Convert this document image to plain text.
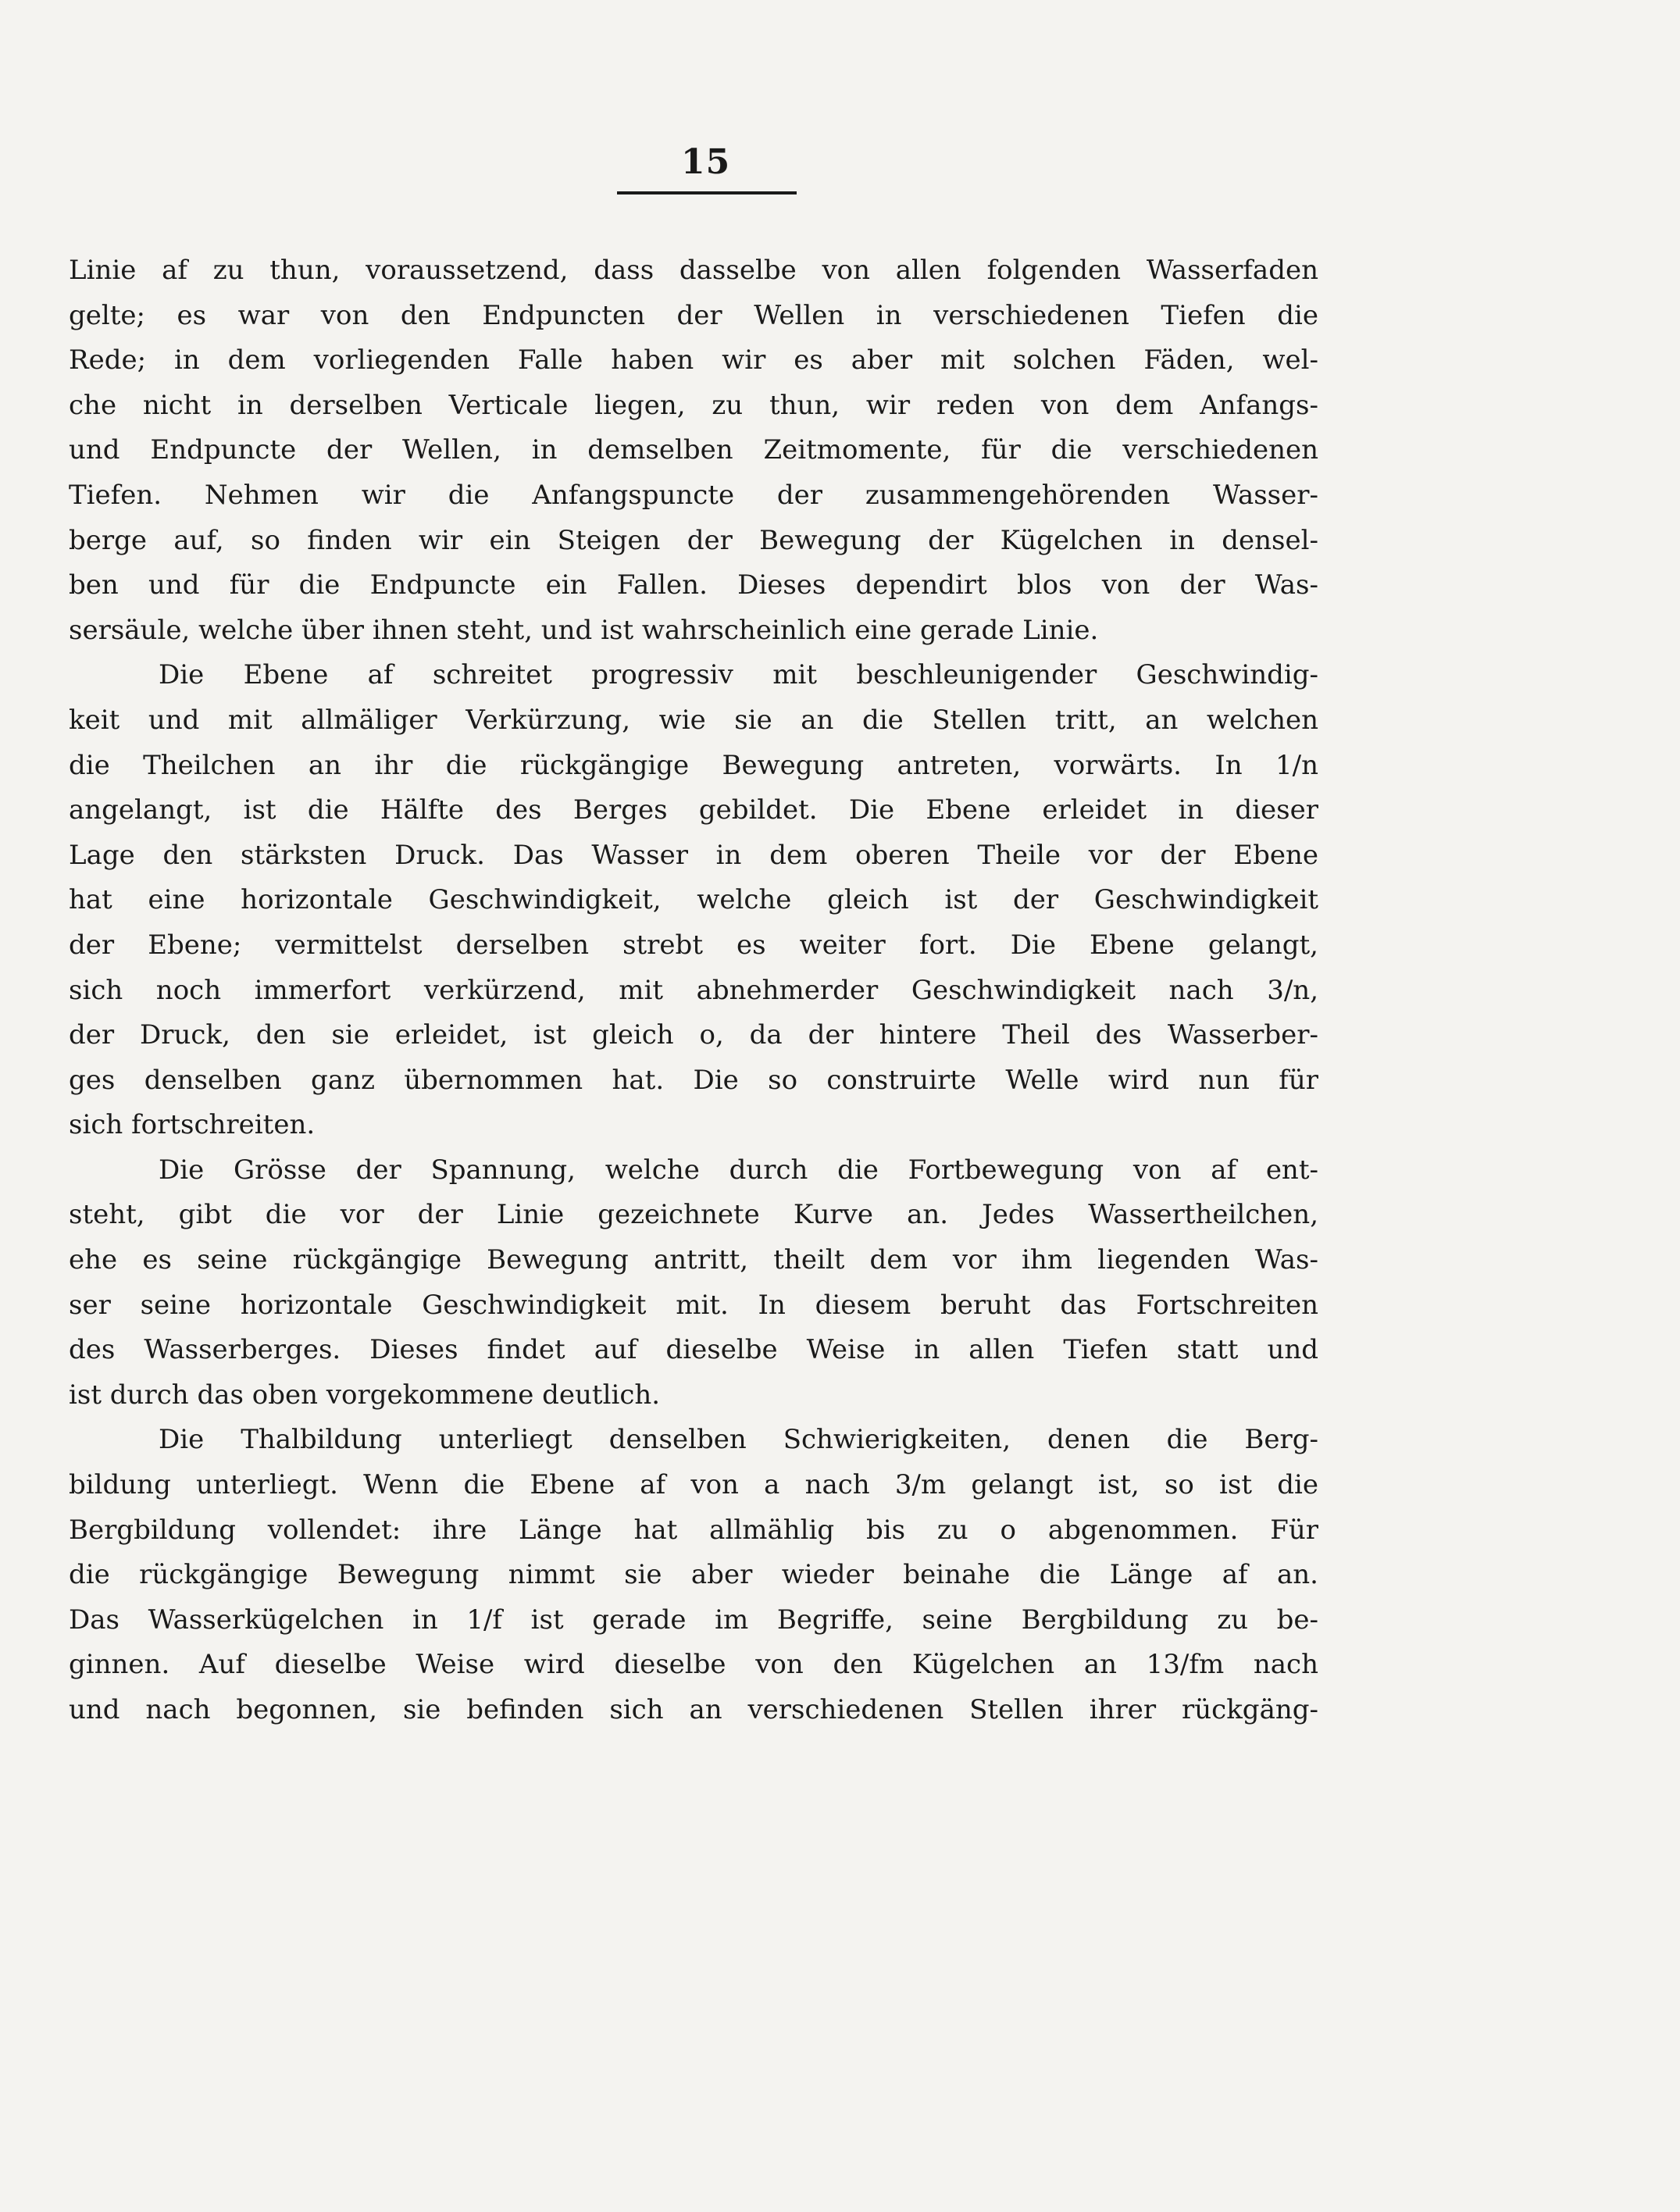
15
Linie af zu thun, voraussetzend, dass dasselbe von allen folgenden Wasserfaden
gelte; es war von den Endpuncten der Wellen in verschiedenen Tiefen die
Rede; in dem vorliegenden Falle haben wir es aber mit solchen Fäden, wel-
che nicht in derselben Verticale liegen, zu thun, wir reden von dem Anfangs-
und Endpuncte der Wellen, in demselben Zeitmomente, für die verschiedenen
Tiefen. Nehmen wir die Anfangspuncte der zusammengehörenden Wasser-
berge auf, so finden wir ein Steigen der Bewegung der Kügelchen in densel-
ben und für die Endpuncte ein Fallen. Dieses dependirt blos von der Was-
sersäule, welche über ihnen steht, und ist wahrscheinlich eine gerade Linie.
Die Ebene af schreitet progressiv mit beschleunigender Geschwindig-
keit und mit allmäliger Verkürzung, wie sie an die Stellen tritt, an welchen
die Theilchen an ihr die rückgängige Bewegung antreten, vorwärts. In 1/n
angelangt, ist die Hälfte des Berges gebildet. Die Ebene erleidet in dieser
Lage den stärksten Druck. Das Wasser in dem oberen Theile vor der Ebene
hat eine horizontale Geschwindigkeit, welche gleich ist der Geschwindigkeit
der Ebene; vermittelst derselben strebt es weiter fort. Die Ebene gelangt,
sich noch immerfort verkürzend, mit abnehmerder Geschwindigkeit nach 3/n,
der Druck, den sie erleidet, ist gleich o, da der hintere Theil des Wasserber-
ges denselben ganz übernommen hat. Die so construirte Welle wird nun für
sich fortschreiten.
Die Grösse der Spannung, welche durch die Fortbewegung von af ent-
steht, gibt die vor der Linie gezeichnete Kurve an. Jedes Wassertheilchen,
ehe es seine rückgängige Bewegung antritt, theilt dem vor ihm liegenden Was-
ser seine horizontale Geschwindigkeit mit. In diesem beruht das Fortschreiten
des Wasserberges. Dieses findet auf dieselbe Weise in allen Tiefen statt und
ist durch das oben vorgekommene deutlich.
Die Thalbildung unterliegt denselben Schwierigkeiten, denen die Berg-
bildung unterliegt. Wenn die Ebene af von a nach 3/m gelangt ist, so ist die
Bergbildung vollendet: ihre Länge hat allmählig bis zu o abgenommen. Für
die rückgängige Bewegung nimmt sie aber wieder beinahe die Länge af an.
Das Wasserkügelchen in 1/f ist gerade im Begriffe, seine Bergbildung zu be-
ginnen. Auf dieselbe Weise wird dieselbe von den Kügelchen an 13/fm nach
und nach begonnen, sie befinden sich an verschiedenen Stellen ihrer rückgäng-
